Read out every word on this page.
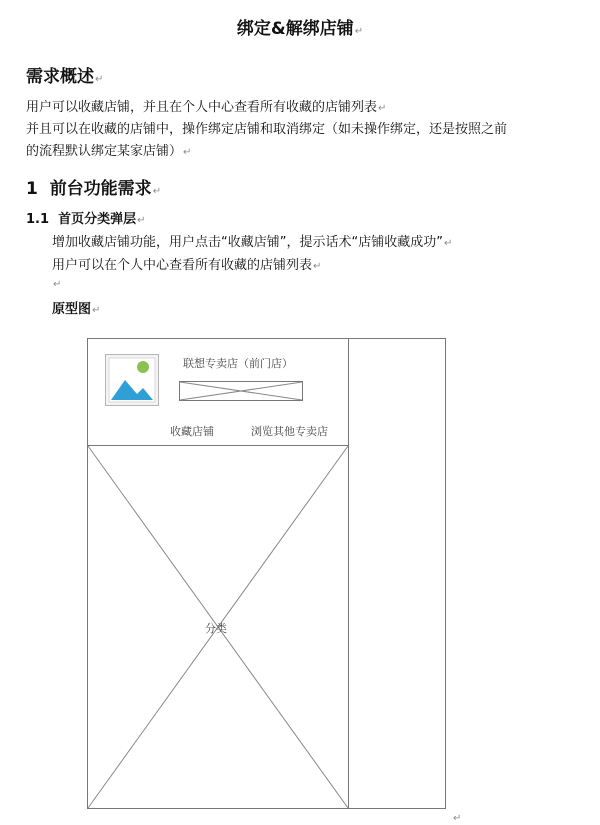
绑定&解绑店铺↵
需求概述↵
用户可以收藏店铺，并且在个人中心查看所有收藏的店铺列表↵
并且可以在收藏的店铺中，操作绑定店铺和取消绑定（如未操作绑定，还是按照之前
的流程默认绑定某家店铺）↵
1 前台功能需求↵
1.1 首页分类弹层↵
增加收藏店铺功能，用户点击“收藏店铺”，提示话术“店铺收藏成功”↵
用户可以在个人中心查看所有收藏的店铺列表↵
↵
原型图↵
联想专卖店（前门店）
收藏店铺	浏览其他专卖店
分类
↵
